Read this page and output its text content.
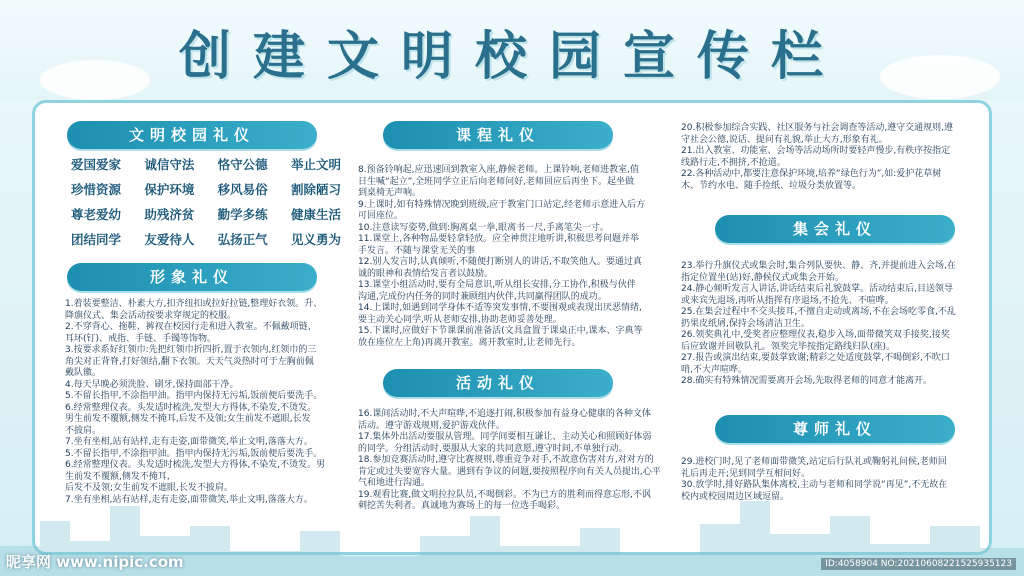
创建文明校园宣传栏
文明校园礼仪
爱国爱家 诚信守法 恪守公德 举止文明
珍惜资源 保护环境 移风易俗 割除陋习
尊老爱幼 助残济贫 勤学多练 健康生活
团结同学 友爱待人 弘扬正气 见义勇为
形象礼仪
1.着装要整洁、朴素大方,扣齐纽扣或拉好拉链,整理好衣领。升、
降旗仪式、集会活动按要求穿规定的校服。
2.不穿背心、拖鞋、裤衩在校园行走和进入教室。不佩戴项链、
耳环(钉)、戒指、手链、手镯等饰物。
3.按要求系好红领巾:先把红领巾折四折,置于衣领内,红领巾的三
角尖对正背脊,打好领结,翻下衣领。天天气炎热时可于左胸前佩
戴队徽。
4.每天早晚必须洗脸、刷牙,保持面部干净。
5.不留长指甲,不涂指甲油。指甲内保持无污垢,饭前便后要洗手。
6.经常整理仪表。头发适时梳洗,发型大方得体,不染发,不烫发。
男生前发不覆额,侧发不掩耳,后发不及领;女生前发不遮眼,长发
不披肩。
7.坐有坐相,站有站样,走有走姿,面带微笑,举止文明,落落大方。
5.不留长指甲,不涂指甲油。指甲内保持无污垢,饭前便后要洗手。
6.经常整理仪表。头发适时梳洗,发型大方得体,不染发,不烫发。男
生前发不覆额,侧发不掩耳,
后发不及领;女生前发不遮眼,长发不披肩。
7.坐有坐相,站有站样,走有走姿,面带微笑,举止文明,落落大方。
课程礼仪
8.预备铃响起,应迅速回到教室入座,静候老师。上课铃响,老师进教室,值
日生喊“起立”,全班同学立正后向老师问好,老师回应后再坐下。起坐做
到桌椅无声响。
9.上课时,如有特殊情况晚到班级,应于教室门口站定,经老师示意进入后方
可回座位。
10.注意读写姿势,做到:胸离桌一拳,眼离书一尺,手离笔尖一寸。
11.课堂上,各种物品要轻拿轻放。应全神贯注地听讲,积极思考问题并举
手发言。不随与课堂无关的事
12.别人发言时,认真倾听,不随便打断别人的讲话,不取笑他人。要通过真
诚的眼神和表情给发言者以鼓励。
13.课堂小组活动时,要有全局意识,听从组长安排,分工协作,积极与伙伴
沟通,完成份内任务的同时兼顾组内伙伴,共同赢得团队的成功。
14.上课时,如遇到同学身体不适等突发事情,不要围观或表现出厌恶情绪,
要主动关心同学,听从老师安排,协助老师妥善处理。
15.下课时,应做好下节课课前准备活(文具盒置于课桌正中,课本、字典等
放在座位左上角)再离开教室。离开教室时,让老师先行。
活动礼仪
16.课间活动时,不大声喧哗,不追逐打闹,积极参加有益身心健康的各种文体
活动。遵守游戏规则,爱护游戏伙伴。
17.集体外出活动要服从管理。同学间要相互谦让、主动关心和照顾好体弱
的同学。分组活动时,要服从大家的共同意愿,遵守时间,不单独行动。
18.参加竞赛活动时,遵守比赛规则,尊重竞争对手,不故意伤害对方,对对方的
肯定或过失要宽容大量。遇到有争议的问题,要按照程序向有关人员提出,心平
气和地进行沟通。
19.观看比赛,做文明拉拉队员,不喝倒彩。不为已方的胜利而得意忘形,不讽
刺挖苦失利者。真诚地为赛场上的每一位选手喝彩。
20.积极参加综合实践、社区服务与社会调查等活动,遵守交通规则,遵
守社会公德,说话、提问有礼貌,举止大方,形象有礼。
21.出入教室、功能室、会场等活动场所时要轻声慢步,有秩序按指定
线路行走,不拥挤,不抢道。
22.各种活动中,都要注意保护环境,培养“绿色行为”,如:爱护花草树
木、节约水电、随手捡纸、垃圾分类放置等。
集会礼仪
23.举行升旗仪式或集会时,集合列队要快、静、齐,并提前进入会场,在
指定位置坐(站)好,静候仪式或集会开始。
24.静心倾听发言人讲话,讲话结束后礼貌鼓掌。活动结束后,目送领导
或来宾先退场,再听从指挥有序退场,不抢先、不喧哗。
25.在集会过程中不交头接耳,不擅自走动或离场,不在会场吃零食,不乱
扔果皮纸屑,保持会场清洁卫生。
26.领奖典礼中,受奖者应整理仪表,稳步入场,面带微笑双手接奖,接奖
后应致谢并回敬队礼。领奖完毕按指定路线归队(座)。
27.报告或演出结束,要鼓掌致谢;精彩之处适度鼓掌,不喝倒彩,不吹口
哨,不大声喧哗。
28.确实有特殊情况需要离开会场,先取得老师的同意才能离开。
尊师礼仪
29.进校门时,见了老师面带微笑,站定后行队礼或鞠躬礼问候,老师回
礼后再走开;见到同学互相问好。
30.放学时,排好路队集体离校,主动与老师和同学说“再见”,不无故在
校内或校园周边区域逗留。
昵享网 www.nipic.com	ID:4058904 NO:20210608221525935123
